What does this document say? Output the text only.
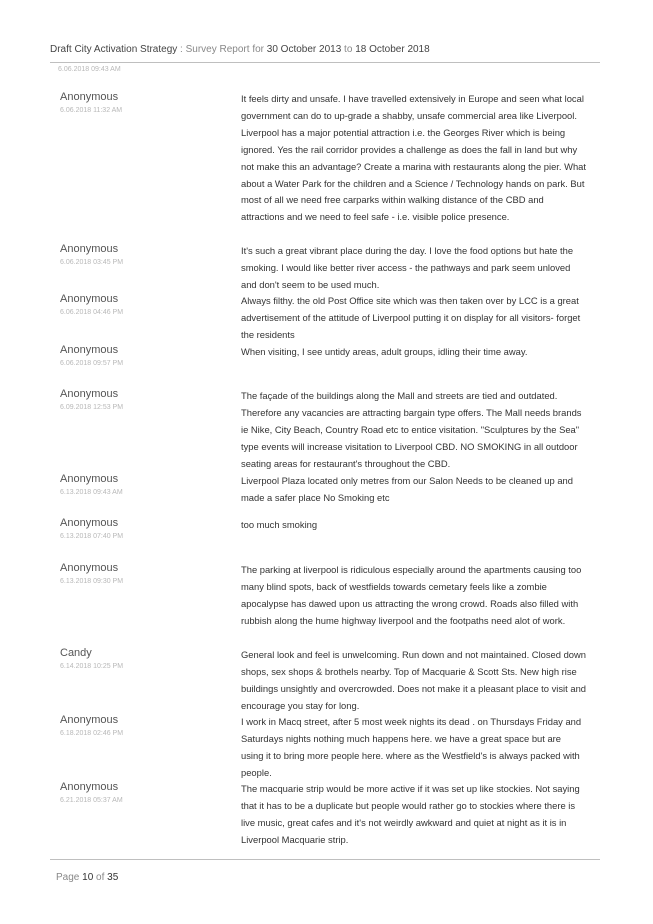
Draft City Activation Strategy : Survey Report for 30 October 2013 to 18 October 2018
6.06.2018 09:43 AM
Anonymous
6.06.2018 11:32 AM
It feels dirty and unsafe. I have travelled extensively in Europe and seen what local government can do to up-grade a shabby, unsafe commercial area like Liverpool. Liverpool has a major potential attraction i.e. the Georges River which is being ignored. Yes the rail corridor provides a challenge as does the fall in land but why not make this an advantage? Create a marina with restaurants along the pier. What about a Water Park for the children and a Science / Technology hands on park. But most of all we need free carparks within walking distance of the CBD and attractions and we need to feel safe - i.e. visible police presence.
Anonymous
6.06.2018 03:45 PM
It's such a great vibrant place during the day. I love the food options but hate the smoking. I would like better river access - the pathways and park seem unloved and don't seem to be used much.
Anonymous
6.06.2018 04:46 PM
Always filthy. the old Post Office site which was then taken over by LCC is a great advertisement of the attitude of Liverpool putting it on display for all visitors- forget the residents
Anonymous
6.06.2018 09:57 PM
When visiting, I see untidy areas, adult groups, idling their time away.
Anonymous
6.09.2018 12:53 PM
The façade of the buildings along the Mall and streets are tied and outdated. Therefore any vacancies are attracting bargain type offers. The Mall needs brands ie Nike, City Beach, Country Road etc to entice visitation. "Sculptures by the Sea" type events will increase visitation to Liverpool CBD. NO SMOKING in all outdoor seating areas for restaurant's throughout the CBD.
Anonymous
6.13.2018 09:43 AM
Liverpool Plaza located only metres from our Salon Needs to be cleaned up and made a safer place No Smoking etc
Anonymous
6.13.2018 07:40 PM
too much smoking
Anonymous
6.13.2018 09:30 PM
The parking at liverpool is ridiculous especially around the apartments causing too many blind spots, back of westfields towards cemetary feels like a zombie apocalypse has dawed upon us attracting the wrong crowd. Roads also filled with rubbish along the hume highway liverpool and the footpaths need alot of work.
Candy
6.14.2018 10:25 PM
General look and feel is unwelcoming. Run down and not maintained. Closed down shops, sex shops & brothels nearby. Top of Macquarie & Scott Sts. New high rise buildings unsightly and overcrowded. Does not make it a pleasant place to visit and encourage you stay for long.
Anonymous
6.18.2018 02:46 PM
I work in Macq street, after 5 most week nights its dead . on Thursdays Friday and Saturdays nights nothing much happens here. we have a great space but are using it to bring more people here. where as the Westfield's is always packed with people.
Anonymous
6.21.2018 05:37 AM
The macquarie strip would be more active if it was set up like stockies. Not saying that it has to be a duplicate but people would rather go to stockies where there is live music, great cafes and it's not weirdly awkward and quiet at night as it is in Liverpool Macquarie strip.
Page 10 of 35
